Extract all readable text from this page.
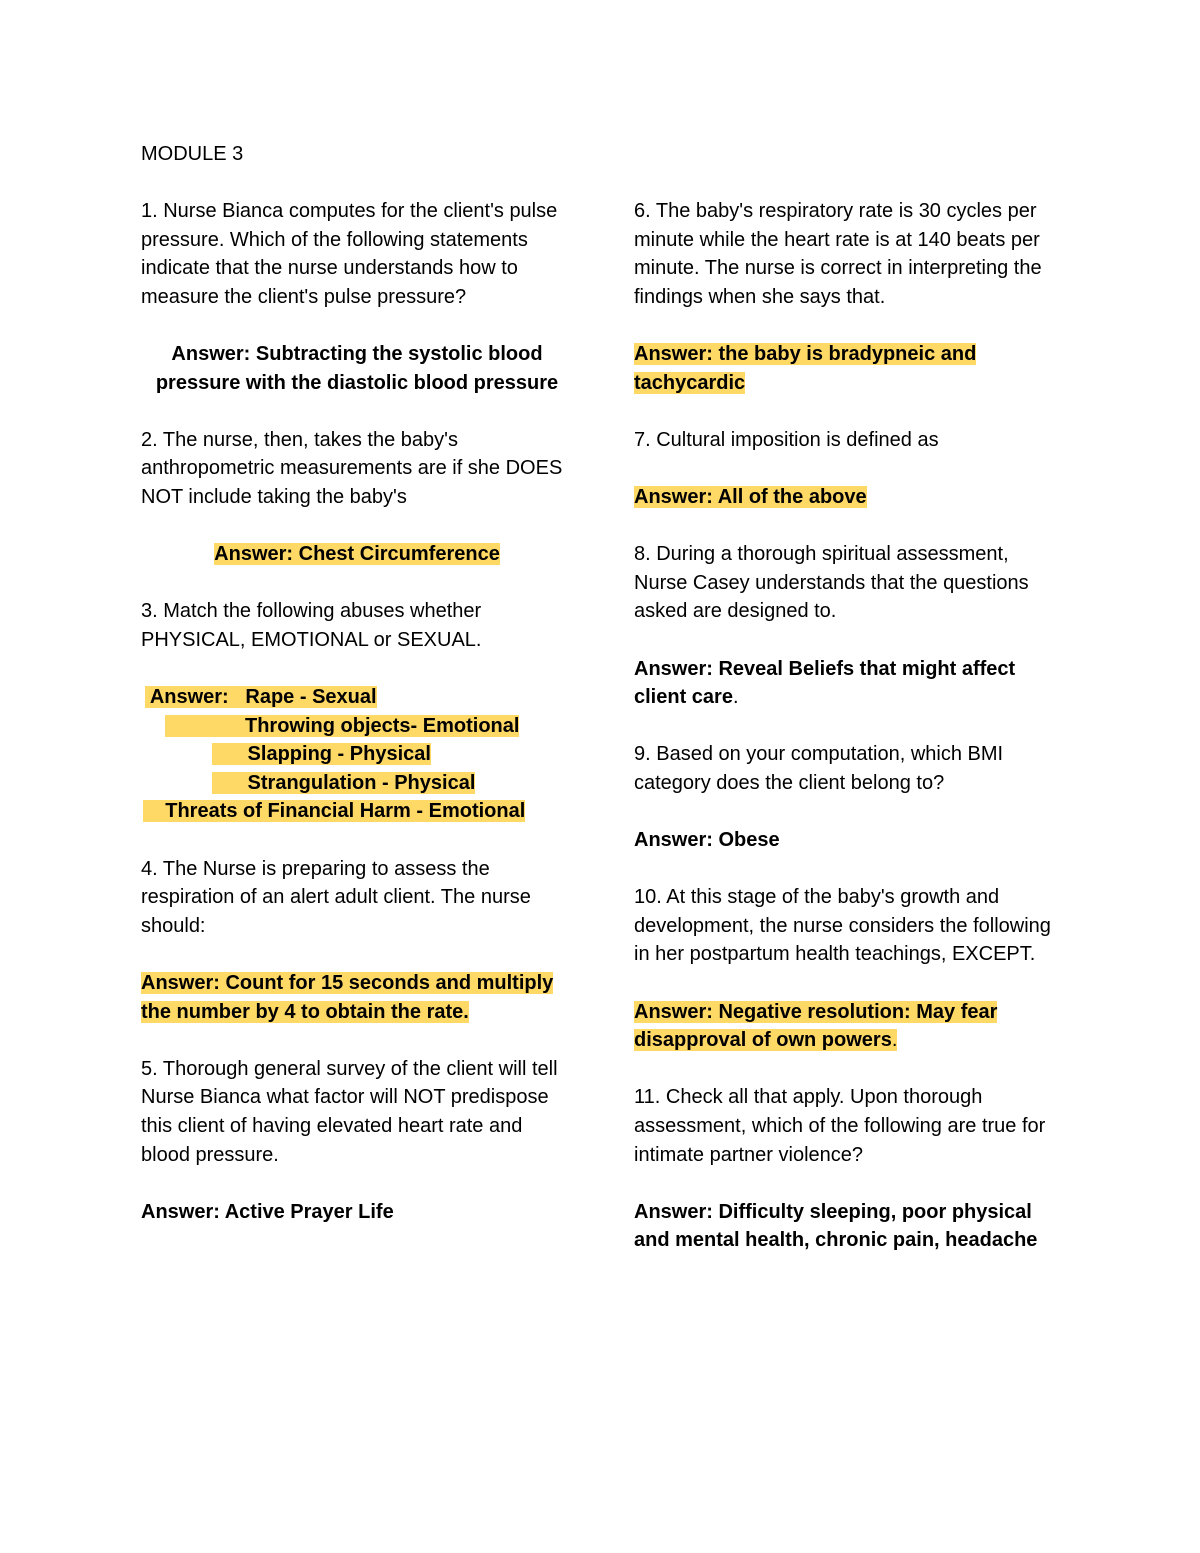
MODULE 3

1. Nurse Bianca computes for the client's pulse pressure. Which of the following statements indicate that the nurse understands how to measure the client's pulse pressure?

Answer: Subtracting the systolic blood pressure with the diastolic blood pressure

2. The nurse, then, takes the baby's anthropometric measurements are if she DOES NOT include taking the baby's

Answer: Chest Circumference

3. Match the following abuses whether PHYSICAL, EMOTIONAL or SEXUAL.

Answer:   Rape - Sexual
Throwing objects- Emotional
Slapping - Physical
Strangulation - Physical
Threats of Financial Harm - Emotional

4. The Nurse is preparing to assess the respiration of an alert adult client. The nurse should:

Answer: Count for 15 seconds and multiply the number by 4 to obtain the rate.

5. Thorough general survey of the client will tell Nurse Bianca what factor will NOT predispose this client of having elevated heart rate and blood pressure.

Answer: Active Prayer Life

6. The baby's respiratory rate is 30 cycles per minute while the heart rate is at 140 beats per minute. The nurse is correct in interpreting the findings when she says that.

Answer: the baby is bradypneic and tachycardic

7. Cultural imposition is defined as

Answer: All of the above

8. During a thorough spiritual assessment, Nurse Casey understands that the questions asked are designed to.

Answer: Reveal Beliefs that might affect client care.

9. Based on your computation, which BMI category does the client belong to?

Answer: Obese

10. At this stage of the baby's growth and development, the nurse considers the following in her postpartum health teachings, EXCEPT.

Answer: Negative resolution: May fear disapproval of own powers.

11. Check all that apply. Upon thorough assessment, which of the following are true for intimate partner violence?

Answer: Difficulty sleeping, poor physical and mental health, chronic pain, headache
